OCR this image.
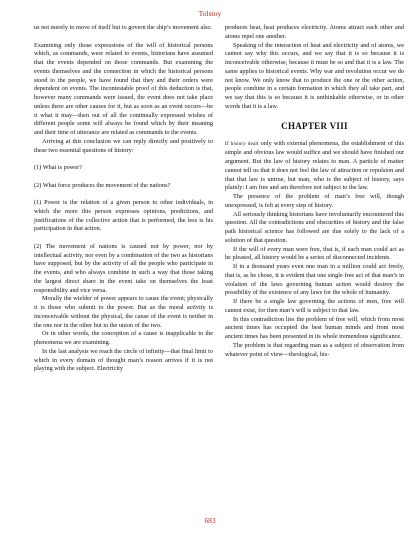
Tolstoy

us not merely to move of itself but to govern the ship’s movement also.

Examining only those expressions of the will of historical persons which, as commands, were related to events, historians have assumed that the events depended on those commands. But examining the events themselves and the connection in which the historical persons stood to the people, we have found that they and their orders were dependent on events. The incontestable proof of this deduction is that, however many commands were issued, the event does not take place unless there are other causes for it, but as soon as an event occurs—be it what it may—then out of all the continually expressed wishes of different people some will always be found which by their meaning and their time of utterance are related as commands to the events.

Arriving at this conclusion we can reply directly and positively to these two essential questions of history:

(1) What is power?

(2) What force produces the movement of the nations?

(1) Power is the relation of a given person to other individuals, in which the more this person expresses opinions, predictions, and justifications of the collective action that is performed, the less is his participation in that action.

(2) The movement of nations is caused not by power, nor by intellectual activity, nor even by a combination of the two as historians have supposed, but by the activity of all the people who participate in the events, and who always combine in such a way that those taking the largest direct share in the event take on themselves the least responsibility and vice versa.

Morally the wielder of power appears to cause the event; physically it is those who submit to the power. But as the moral activity is inconceivable without the physical, the cause of the event is neither in the one nor in the other but in the union of the two.

Or in other words, the conception of a cause is inapplicable to the phenomena we are examining.

In the last analysis we reach the circle of infinity—that final limit to which in every domain of thought man’s reason arrives if it is not playing with the subject. Electricity

produces heat, heat produces electricity. Atoms attract each other and atoms repel one another.

Speaking of the interaction of heat and electricity and of atoms, we cannot say why this occurs, and we say that it is so because it is inconceivable otherwise, because it must be so and that it is a law. The same applies to historical events. Why war and revolution occur we do not know. We only know that to produce the one or the other action, people combine in a certain formation in which they all take part, and we say that this is so because it is unthinkable otherwise, or in other words that it is a law.

CHAPTER VIII

If history dealt only with external phenomena, the establishment of this simple and obvious law would suffice and we should have finished our argument. But the law of history relates to man. A particle of matter cannot tell us that it does not feel the law of attraction or repulsion and that that law is untrue, but man, who is the subject of history, says plainly: I am free and am therefore not subject to the law.

The presence of the problem of man’s free will, though unexpressed, is felt at every step of history.

All seriously thinking historians have involuntarily encountered this question. All the contradictions and obscurities of history and the false path historical science has followed are due solely to the lack of a solution of that question.

If the will of every man were free, that is, if each man could act as he pleased, all history would be a series of disconnected incidents.

If in a thousand years even one man in a million could act freely, that is, as he chose, it is evident that one single free act of that man’s in violation of the laws governing human action would destroy the possibility of the existence of any laws for the whole of humanity.

If there be a single law governing the actions of men, free will cannot exist, for then man’s will is subject to that law.

In this contradiction lies the problem of free will, which from most ancient times has occupied the best human minds and from most ancient times has been presented in its whole tremendous significance.

The problem is that regarding man as a subject of observation from whatever point of view—theological, his-

683
